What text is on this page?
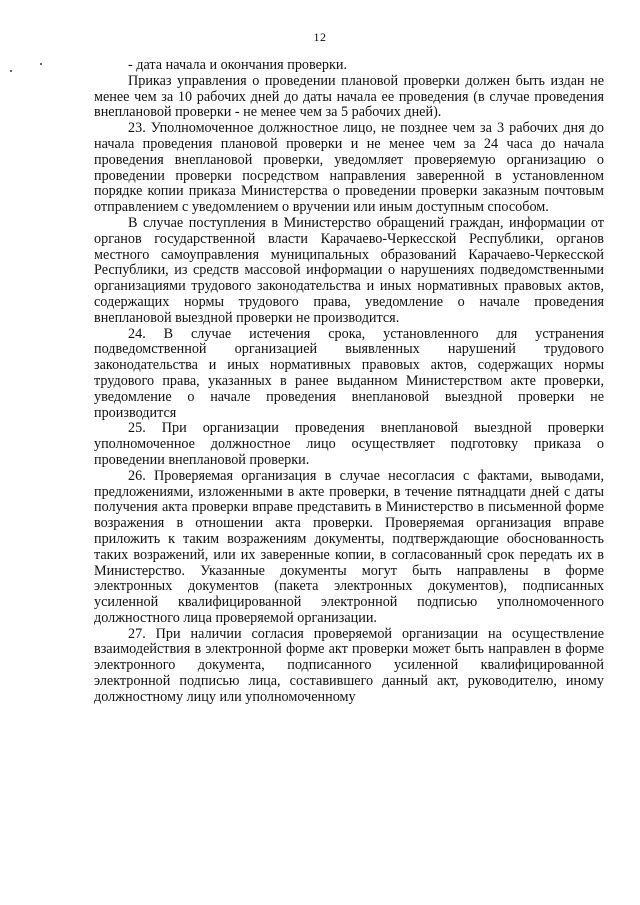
12

- дата начала и окончания проверки.

Приказ управления о проведении плановой проверки должен быть издан не менее чем за 10 рабочих дней до даты начала ее проведения (в случае проведения внеплановой проверки - не менее чем за 5 рабочих дней).

23. Уполномоченное должностное лицо, не позднее чем за 3 рабочих дня до начала проведения плановой проверки и не менее чем за 24 часа до начала проведения внеплановой проверки, уведомляет проверяемую организацию о проведении проверки посредством направления заверенной в установленном порядке копии приказа Министерства о проведении проверки заказным почтовым отправлением с уведомлением о вручении или иным доступным способом.

В случае поступления в Министерство обращений граждан, информации от органов государственной власти Карачаево-Черкесской Республики, органов местного самоуправления муниципальных образований Карачаево-Черкесской Республики, из средств массовой информации о нарушениях подведомственными организациями трудового законодательства и иных нормативных правовых актов, содержащих нормы трудового права, уведомление о начале проведения внеплановой выездной проверки не производится.

24. В случае истечения срока, установленного для устранения подведомственной организацией выявленных нарушений трудового законодательства и иных нормативных правовых актов, содержащих нормы трудового права, указанных в ранее выданном Министерством акте проверки, уведомление о начале проведения внеплановой выездной проверки не производится

25. При организации проведения внеплановой выездной проверки уполномоченное должностное лицо осуществляет подготовку приказа о проведении внеплановой проверки.

26. Проверяемая организация в случае несогласия с фактами, выводами, предложениями, изложенными в акте проверки, в течение пятнадцати дней с даты получения акта проверки вправе представить в Министерство в письменной форме возражения в отношении акта проверки. Проверяемая организация вправе приложить к таким возражениям документы, подтверждающие обоснованность таких возражений, или их заверенные копии, в согласованный срок передать их в Министерство. Указанные документы могут быть направлены в форме электронных документов (пакета электронных документов), подписанных усиленной квалифицированной электронной подписью уполномоченного должностного лица проверяемой организации.

27. При наличии согласия проверяемой организации на осуществление взаимодействия в электронной форме акт проверки может быть направлен в форме электронного документа, подписанного усиленной квалифицированной электронной подписью лица, составившего данный акт, руководителю, иному должностному лицу или уполномоченному
